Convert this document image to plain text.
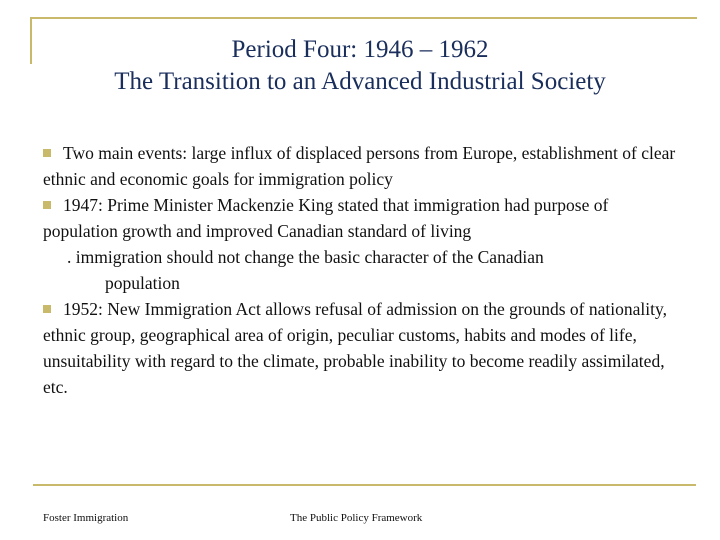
Period Four: 1946 – 1962
The Transition to an Advanced Industrial Society

Two main events: large influx of displaced persons from Europe, establishment of clear ethnic and economic goals for immigration policy

1947: Prime Minister Mackenzie King stated that immigration had purpose of population growth and improved Canadian standard of living

. immigration should not change the basic character of the Canadian
population

1952: New Immigration Act allows refusal of admission on the grounds of nationality, ethnic group, geographical area of origin, peculiar customs, habits and modes of life, unsuitability with regard to the climate, probable inability to become readily assimilated, etc.

Foster Immigration	The Public Policy Framework
